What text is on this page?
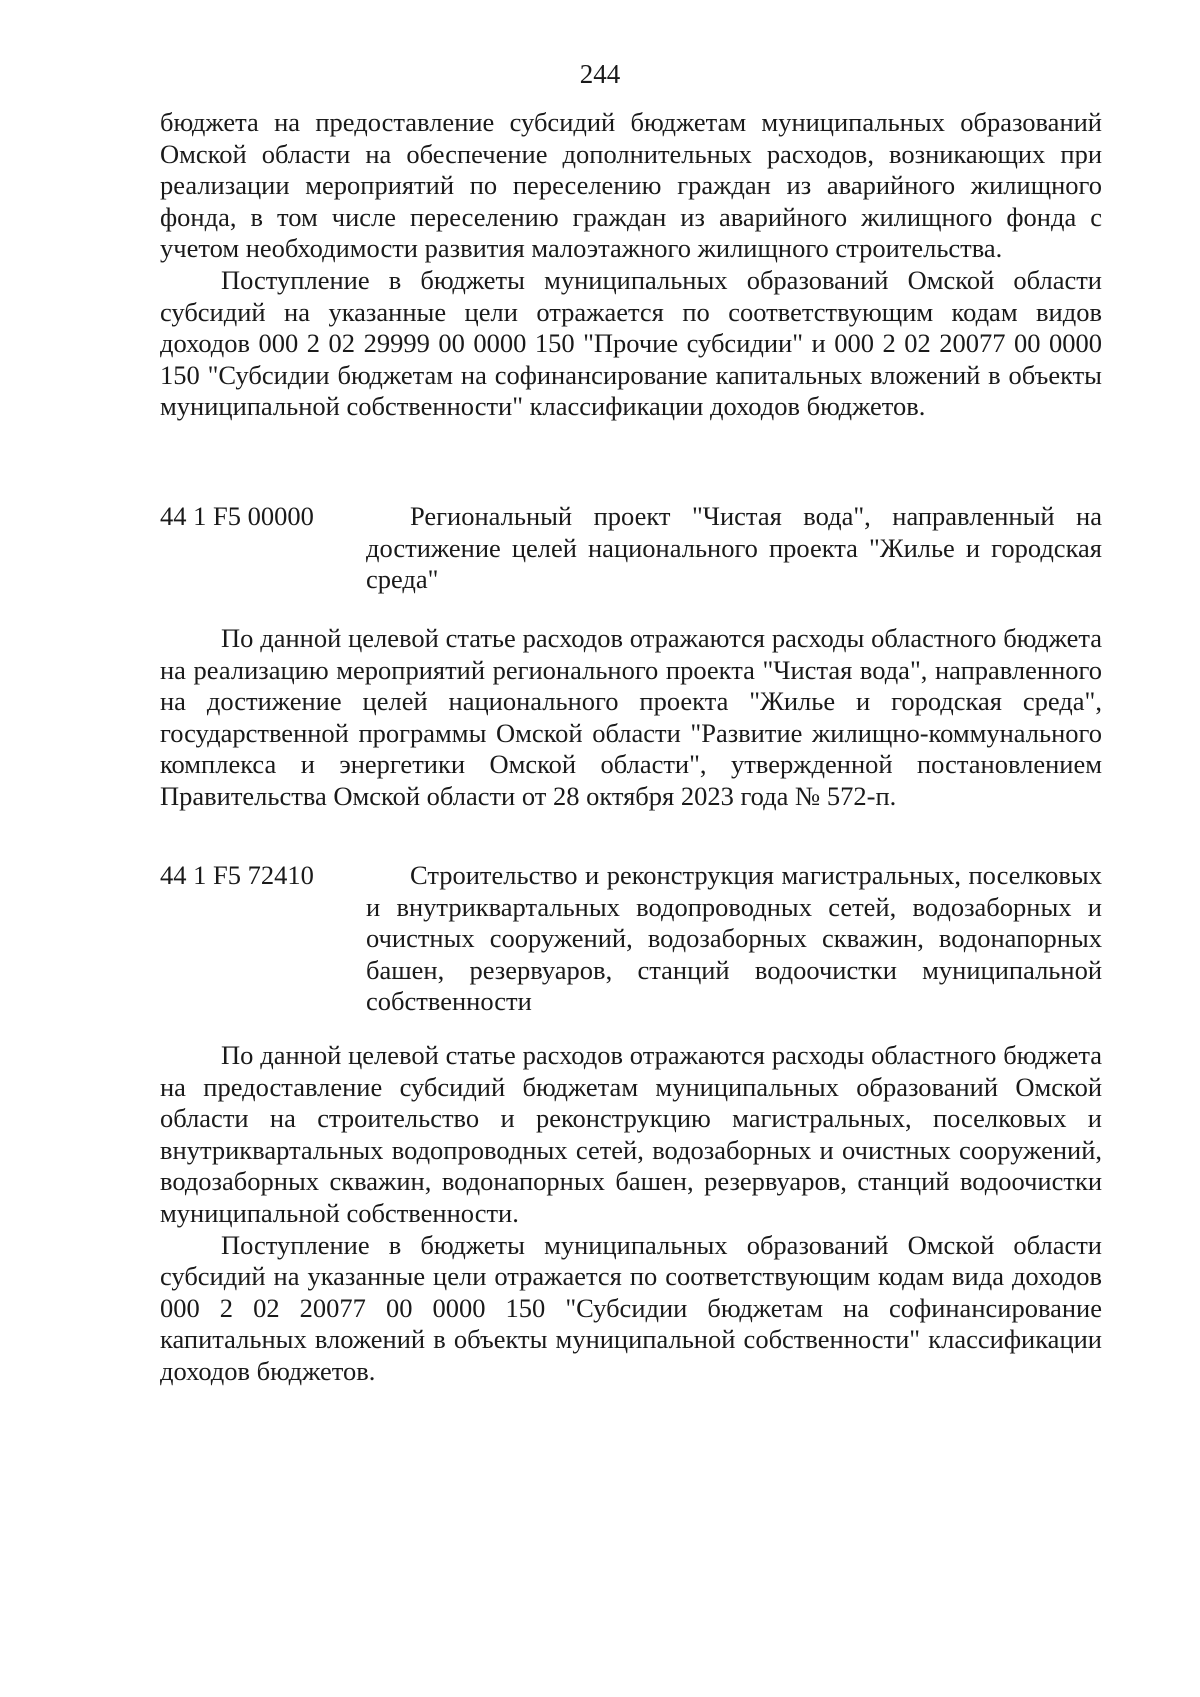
244

бюджета на предоставление субсидий бюджетам муниципальных образований Омской области на обеспечение дополнительных расходов, возникающих при реализации мероприятий по переселению граждан из аварийного жилищного фонда, в том числе переселению граждан из аварийного жилищного фонда с учетом необходимости развития малоэтажного жилищного строительства.

Поступление в бюджеты муниципальных образований Омской области субсидий на указанные цели отражается по соответствующим кодам видов доходов 000 2 02 29999 00 0000 150 "Прочие субсидии" и 000 2 02 20077 00 0000 150 "Субсидии бюджетам на софинансирование капитальных вложений в объекты муниципальной собственности" классификации доходов бюджетов.

44 1 F5 00000	Региональный проект "Чистая вода", направленный на достижение целей национального проекта "Жилье и городская среда"

По данной целевой статье расходов отражаются расходы областного бюджета на реализацию мероприятий регионального проекта "Чистая вода", направленного на достижение целей национального проекта "Жилье и городская среда", государственной программы Омской области "Развитие жилищно-коммунального комплекса и энергетики Омской области", утвержденной постановлением Правительства Омской области от 28 октября 2023 года № 572-п.

44 1 F5 72410	Строительство и реконструкция магистральных, поселковых и внутриквартальных водопроводных сетей, водозаборных и очистных сооружений, водозаборных скважин, водонапорных башен, резервуаров, станций водоочистки муниципальной собственности

По данной целевой статье расходов отражаются расходы областного бюджета на предоставление субсидий бюджетам муниципальных образований Омской области на строительство и реконструкцию магистральных, поселковых и внутриквартальных водопроводных сетей, водозаборных и очистных сооружений, водозаборных скважин, водонапорных башен, резервуаров, станций водоочистки муниципальной собственности.

Поступление в бюджеты муниципальных образований Омской области субсидий на указанные цели отражается по соответствующим кодам вида доходов 000 2 02 20077 00 0000 150 "Субсидии бюджетам на софинансирование капитальных вложений в объекты муниципальной собственности" классификации доходов бюджетов.
